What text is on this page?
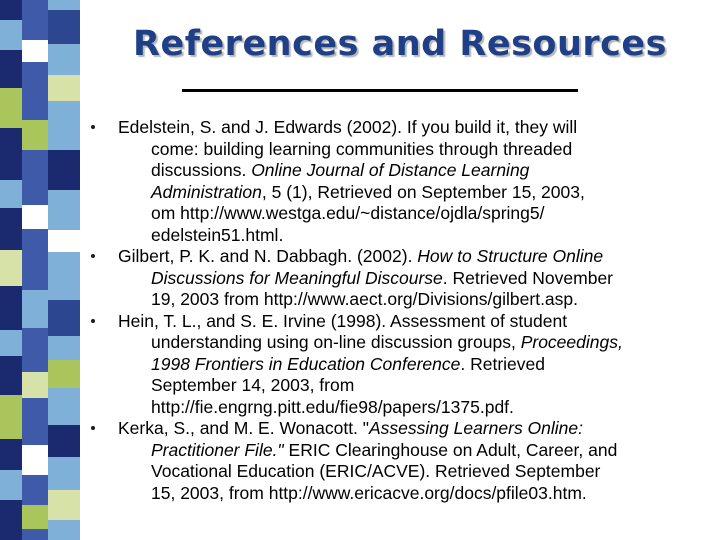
References and Resources
Edelstein, S. and J. Edwards (2002). If you build it, they will
come: building learning communities through threaded
discussions. Online Journal of Distance Learning
Administration, 5 (1), Retrieved on September 15, 2003,
om http://www.westga.edu/~distance/ojdla/spring5/
edelstein51.html.
Gilbert, P. K. and N. Dabbagh. (2002). How to Structure Online
Discussions for Meaningful Discourse. Retrieved November
19, 2003 from http://www.aect.org/Divisions/gilbert.asp.
Hein, T. L., and S. E. Irvine (1998). Assessment of student
understanding using on-line discussion groups, Proceedings,
1998 Frontiers in Education Conference. Retrieved
September 14, 2003, from
http://fie.engrng.pitt.edu/fie98/papers/1375.pdf.
Kerka, S., and M. E. Wonacott. "Assessing Learners Online:
Practitioner File." ERIC Clearinghouse on Adult, Career, and
Vocational Education (ERIC/ACVE). Retrieved September
15, 2003, from http://www.ericacve.org/docs/pfile03.htm.
